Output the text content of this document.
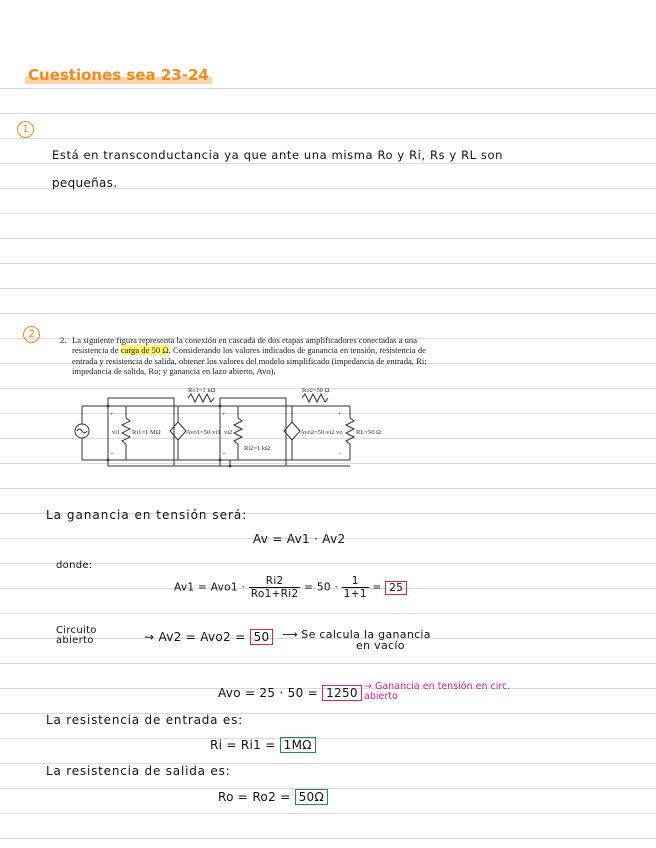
Cuestiones sea 23-24
1
Está en transconductancia ya que ante una misma Ro y Ri, Rs y RL son
pequeñas.
2	2. La siguiente figura representa la conexión en cascada de dos etapas amplificadores conectadas a una resistencia de carga de 50 Ω. Considerando los valores indicados de ganancia en tensión, resistencia de entrada y resistencia de salida, obtener los valores del modelo simplificado (impedancia de entrada, Ri; impedancia de salida, Ro; y ganancia en lazo abierto, Avo).
Ro1=1 kΩ	Ro2=50 Ω
Ri1=1 MΩ
Ri2=1 kΩ
RL=50 Ω
Avo1=50·vi1	Avo2=50·vi2
vi1	vi2	vo
+
−
+
−
+
−
La ganancia en tensión será:
Av = Av1 · Av2
donde:
$Av1 = Avo1 \cdot \frac{Ri2}{Ro1+Ri2} = 50 \cdot \frac{1}{1+1} = 25$
Circuito
abierto	→ Av2 = Avo2 = 50	⟶ Se calcula la ganancia
en vacío
Avo = 25 · 50 = 1250 → Ganancia en tensión en circ. abierto
La resistencia de entrada es:
Ri = Ri1 = 1MΩ
La resistencia de salida es:
Ro = Ro2 = 50Ω
